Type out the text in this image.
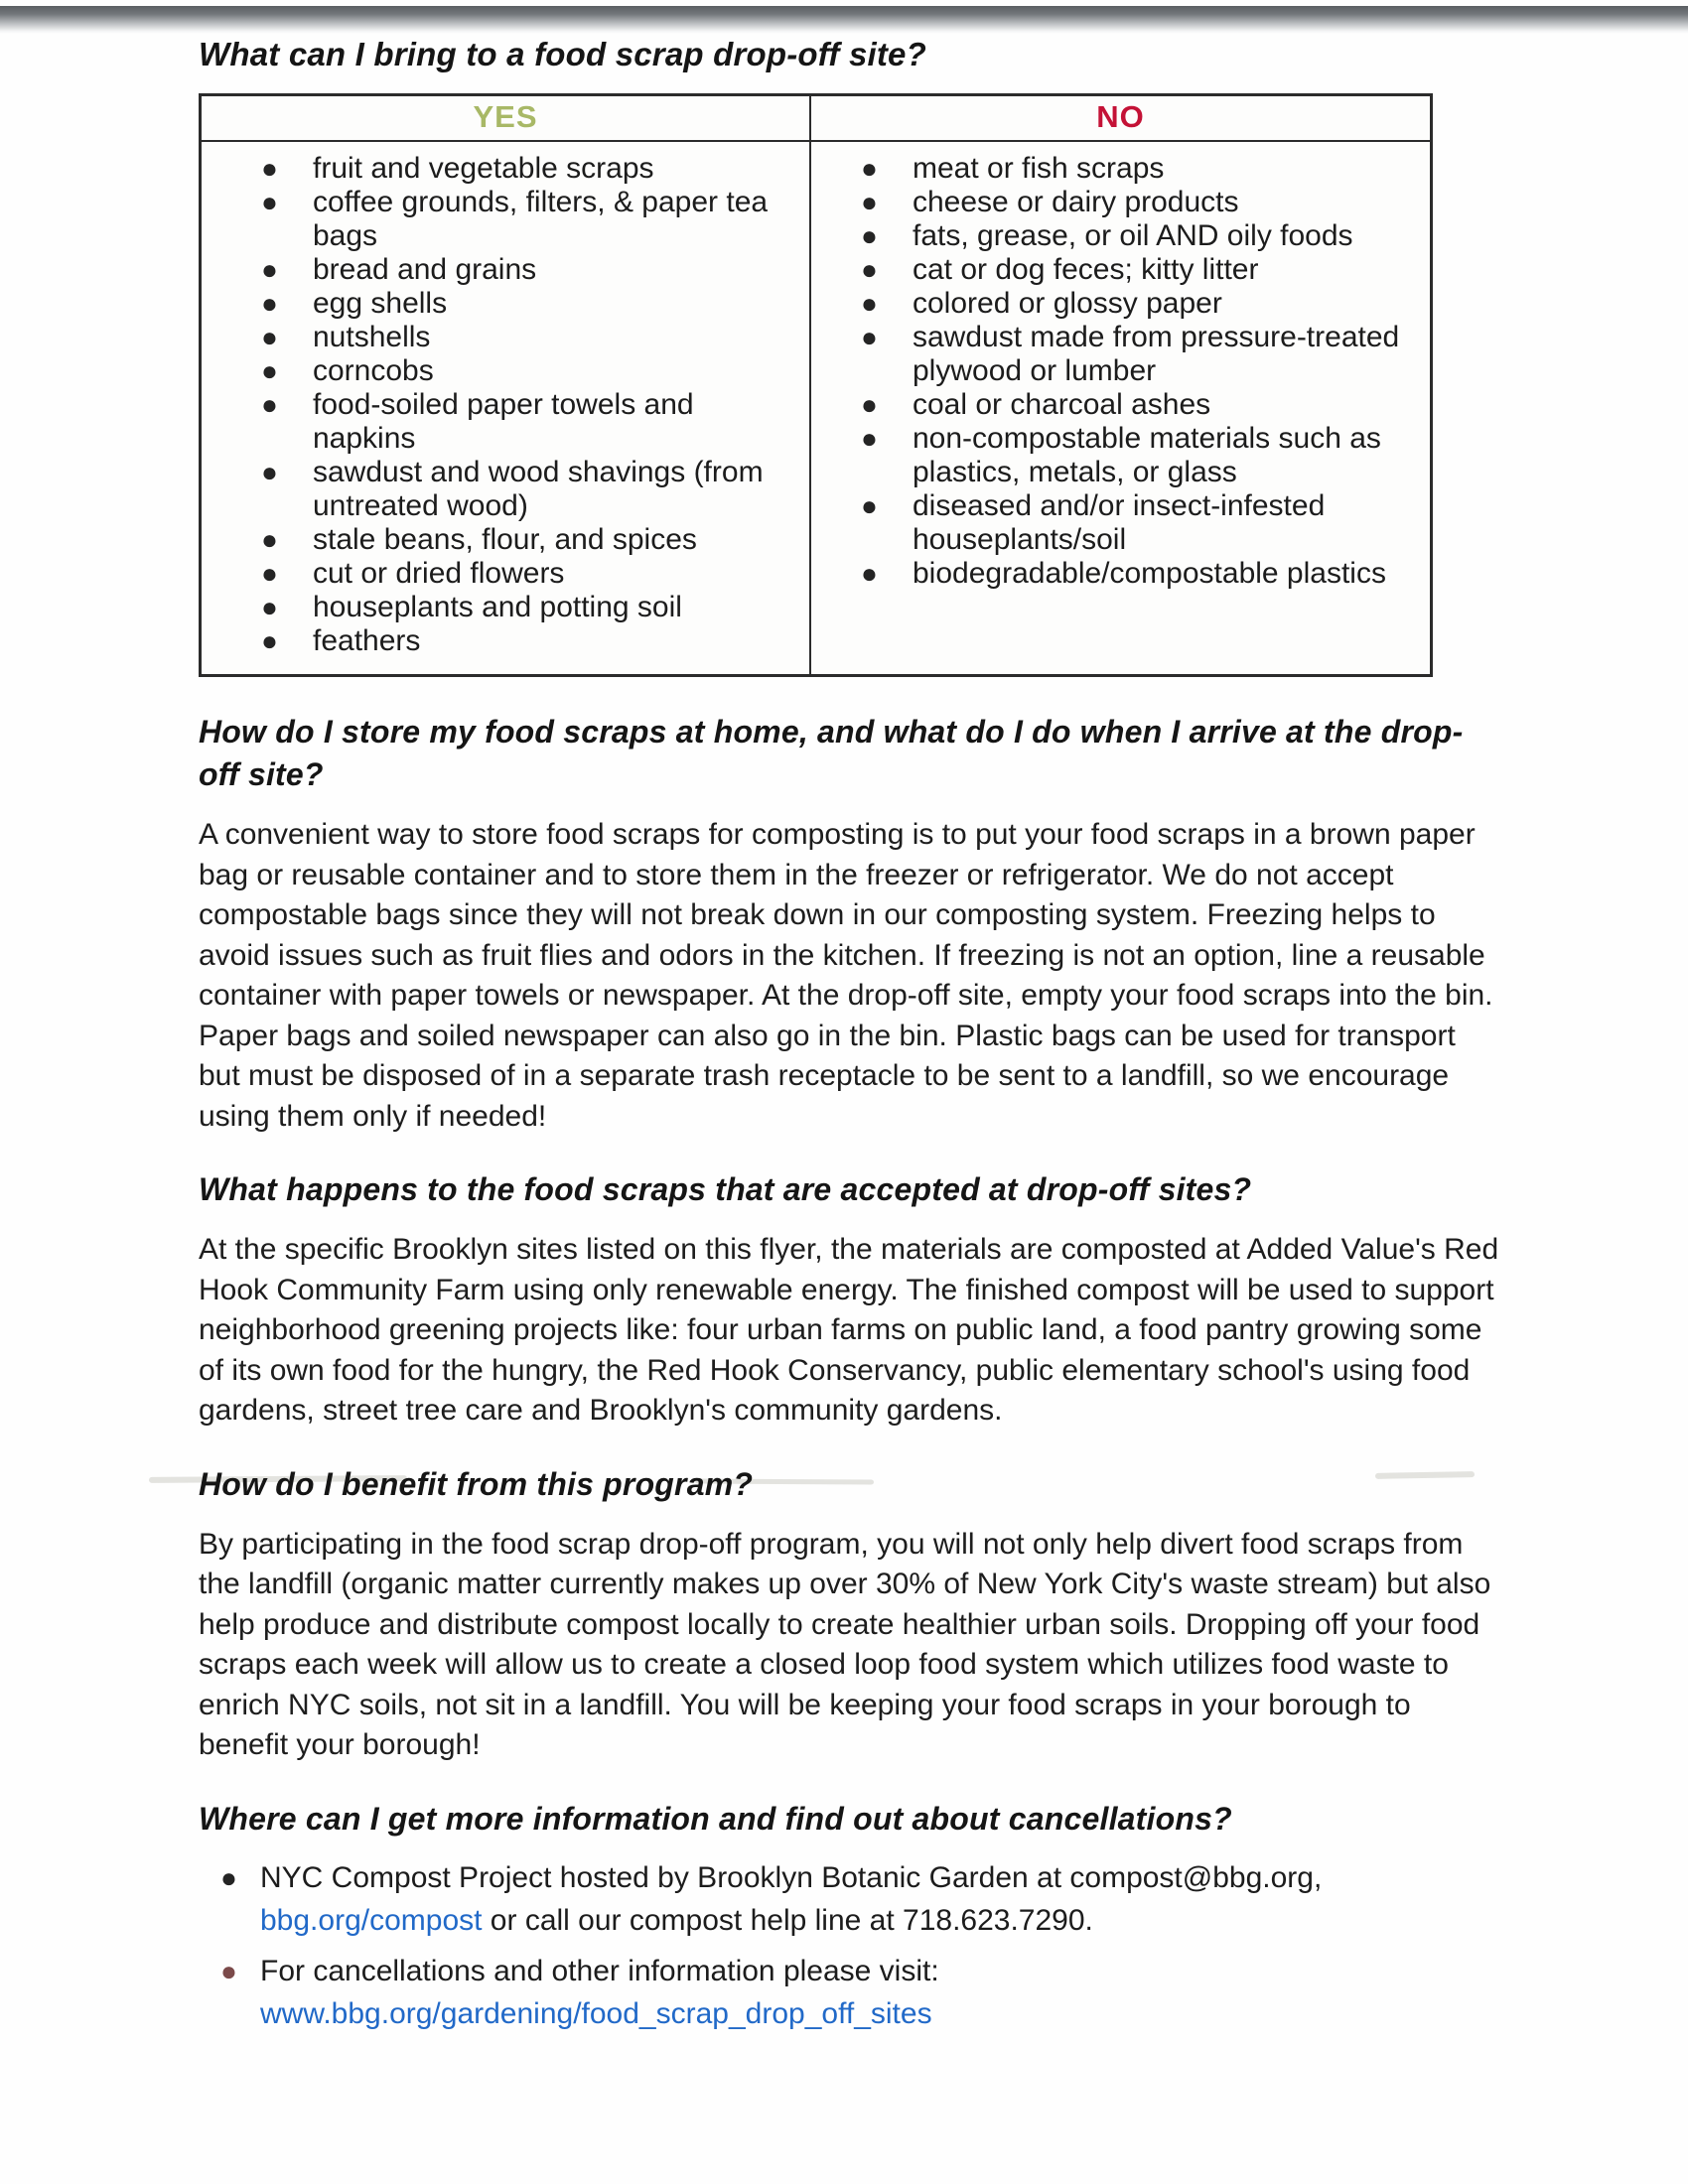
What can I bring to a food scrap drop-off site?
YES	NO

●	fruit and vegetable scraps
●	coffee grounds, filters, & paper tea bags
●	bread and grains
●	egg shells
●	nutshells
●	corncobs
●	food-soiled paper towels and napkins
●	sawdust and wood shavings (from untreated wood)
●	stale beans, flour, and spices
●	cut or dried flowers
●	houseplants and potting soil
●	feathers

●	meat or fish scraps
●	cheese or dairy products
●	fats, grease, or oil AND oily foods
●	cat or dog feces; kitty litter
●	colored or glossy paper
●	sawdust made from pressure-treated plywood or lumber
●	coal or charcoal ashes
●	non-compostable materials such as plastics, metals, or glass
●	diseased and/or insect-infested houseplants/soil
●	biodegradable/compostable plastics
How do I store my food scraps at home, and what do I do when I arrive at the drop-off site?

A convenient way to store food scraps for composting is to put your food scraps in a brown paper bag or reusable container and to store them in the freezer or refrigerator. We do not accept compostable bags since they will not break down in our composting system. Freezing helps to avoid issues such as fruit flies and odors in the kitchen. If freezing is not an option, line a reusable container with paper towels or newspaper. At the drop-off site, empty your food scraps into the bin. Paper bags and soiled newspaper can also go in the bin. Plastic bags can be used for transport but must be disposed of in a separate trash receptacle to be sent to a landfill, so we encourage using them only if needed!

What happens to the food scraps that are accepted at drop-off sites?

At the specific Brooklyn sites listed on this flyer, the materials are composted at Added Value's Red Hook Community Farm using only renewable energy. The finished compost will be used to support neighborhood greening projects like: four urban farms on public land, a food pantry growing some of its own food for the hungry, the Red Hook Conservancy, public elementary school's using food gardens, street tree care and Brooklyn's community gardens.

How do I benefit from this program?

By participating in the food scrap drop-off program, you will not only help divert food scraps from the landfill (organic matter currently makes up over 30% of New York City's waste stream) but also help produce and distribute compost locally to create healthier urban soils. Dropping off your food scraps each week will allow us to create a closed loop food system which utilizes food waste to enrich NYC soils, not sit in a landfill. You will be keeping your food scraps in your borough to benefit your borough!

Where can I get more information and find out about cancellations?
● NYC Compost Project hosted by Brooklyn Botanic Garden at compost@bbg.org, bbg.org/compost or call our compost help line at 718.623.7290.
● For cancellations and other information please visit: www.bbg.org/gardening/food_scrap_drop_off_sites
